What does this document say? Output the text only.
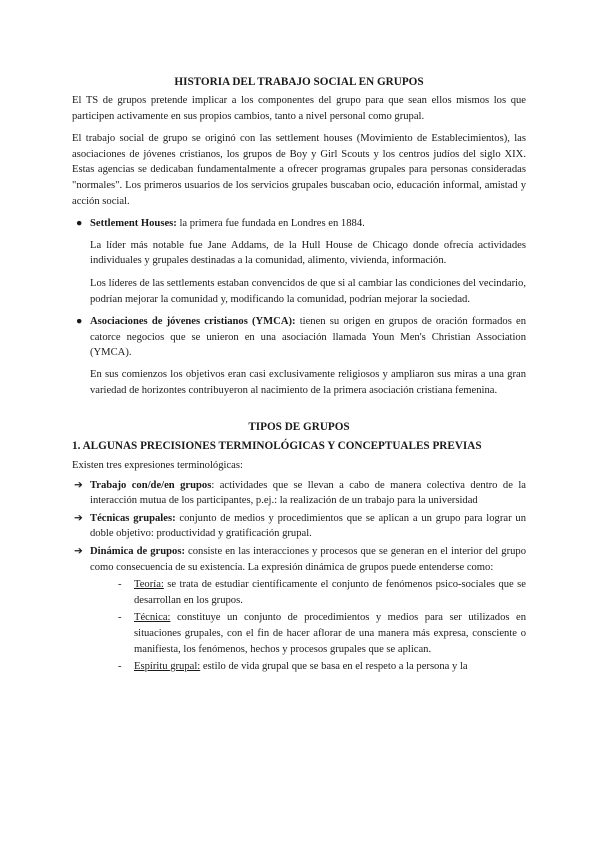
HISTORIA DEL TRABAJO SOCIAL EN GRUPOS

El TS de grupos pretende implicar a los componentes del grupo para que sean ellos mismos los que participen activamente en sus propios cambios, tanto a nivel personal como grupal.

El trabajo social de grupo se originó con las settlement houses (Movimiento de Establecimientos), las asociaciones de jóvenes cristianos, los grupos de Boy y Girl Scouts y los centros judíos del siglo XIX. Estas agencias se dedicaban fundamentalmente a ofrecer programas grupales para personas consideradas "normales". Los primeros usuarios de los servicios grupales buscaban ocio, educación informal, amistad y acción social.

● Settlement Houses: la primera fue fundada en Londres en 1884.

La líder más notable fue Jane Addams, de la Hull House de Chicago donde ofrecía actividades individuales y grupales destinadas a la comunidad, alimento, vivienda, información.

Los líderes de las settlements estaban convencidos de que si al cambiar las condiciones del vecindario, podrían mejorar la comunidad y, modificando la comunidad, podrían mejorar la sociedad.

● Asociaciones de jóvenes cristianos (YMCA): tienen su origen en grupos de oración formados en catorce negocios que se unieron en una asociación llamada Youn Men's Christian Association (YMCA).

En sus comienzos los objetivos eran casi exclusivamente religiosos y ampliaron sus miras a una gran variedad de horizontes contribuyeron al nacimiento de la primera asociación cristiana femenina.

TIPOS DE GRUPOS
1. ALGUNAS PRECISIONES TERMINOLÓGICAS Y CONCEPTUALES PREVIAS

Existen tres expresiones terminológicas:

➔ Trabajo con/de/en grupos: actividades que se llevan a cabo de manera colectiva dentro de la interacción mutua de los participantes, p.ej.: la realización de un trabajo para la universidad
➔ Técnicas grupales: conjunto de medios y procedimientos que se aplican a un grupo para lograr un doble objetivo: productividad y gratificación grupal.
➔ Dinámica de grupos: consiste en las interacciones y procesos que se generan en el interior del grupo como consecuencia de su existencia. La expresión dinámica de grupos puede entenderse como:
- Teoría: se trata de estudiar científicamente el conjunto de fenómenos psico-sociales que se desarrollan en los grupos.
- Técnica: constituye un conjunto de procedimientos y medios para ser utilizados en situaciones grupales, con el fin de hacer aflorar de una manera más expresa, consciente o manifiesta, los fenómenos, hechos y procesos grupales que se aplican.
- Espíritu grupal: estilo de vida grupal que se basa en el respeto a la persona y la
